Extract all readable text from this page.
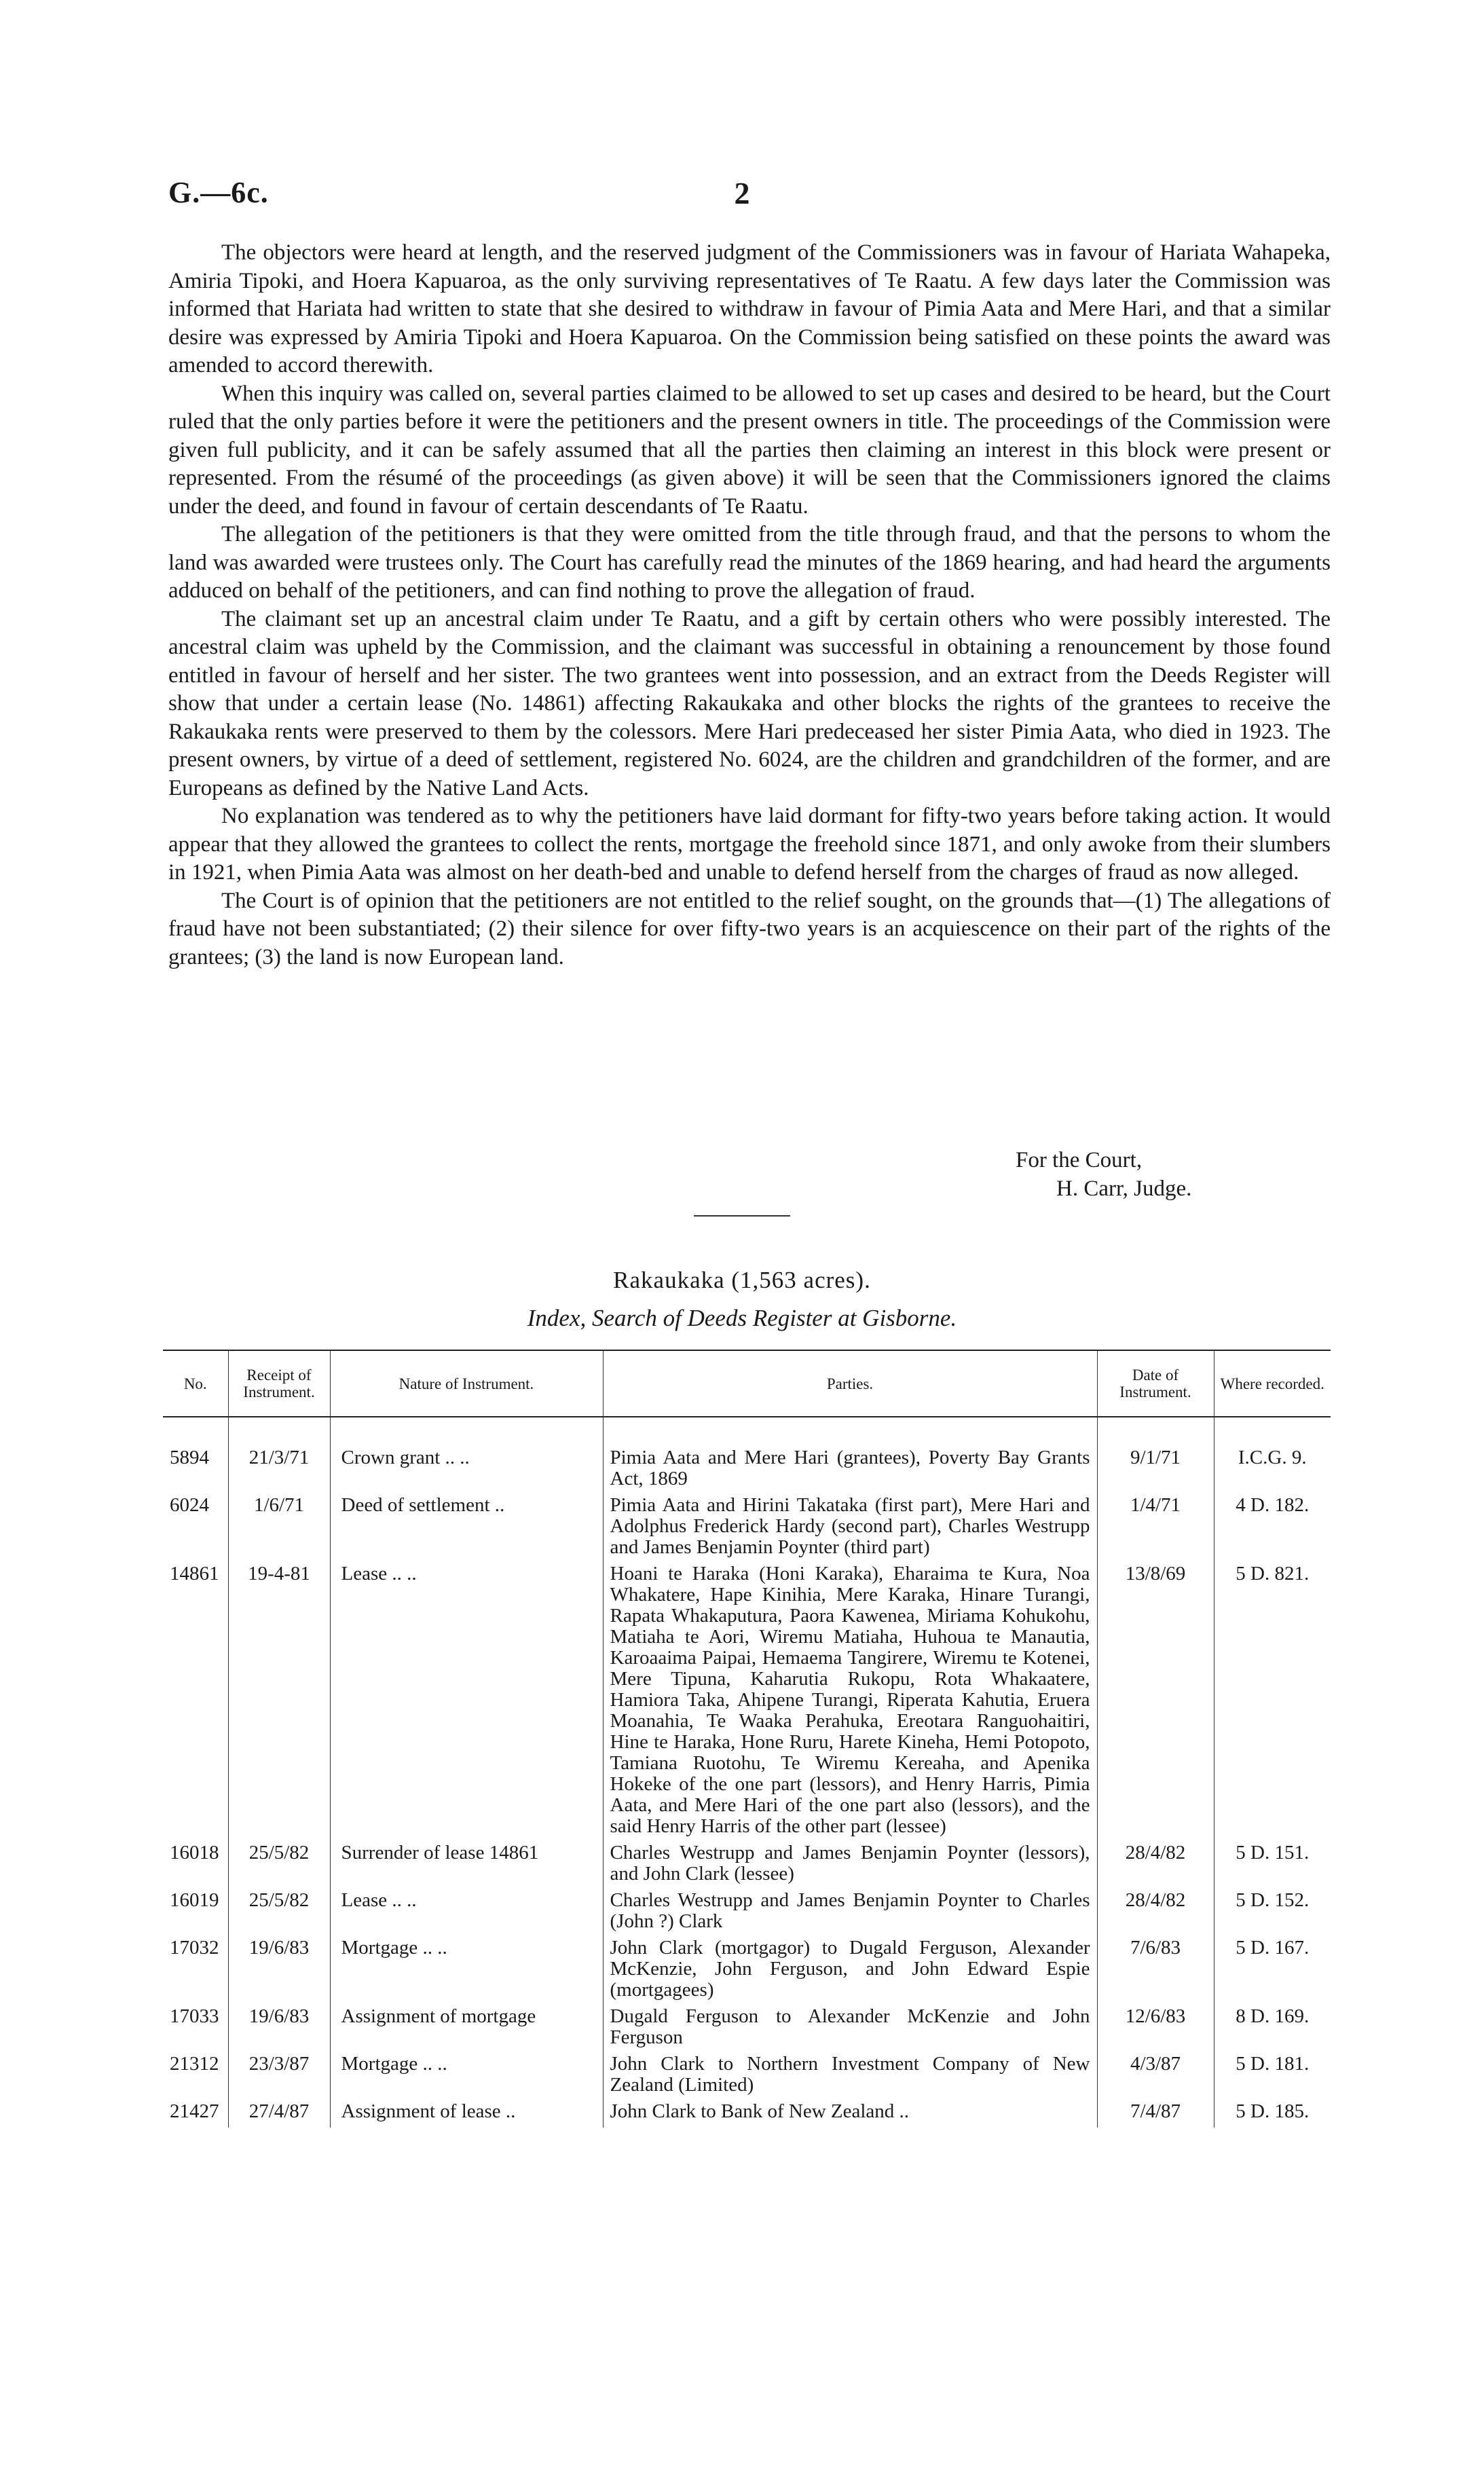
G.—6c.	2

The objectors were heard at length, and the reserved judgment of the Commissioners was in favour of Hariata Wahapeka, Amiria Tipoki, and Hoera Kapuaroa, as the only surviving representatives of Te Raatu. A few days later the Commission was informed that Hariata had written to state that she desired to withdraw in favour of Pimia Aata and Mere Hari, and that a similar desire was expressed by Amiria Tipoki and Hoera Kapuaroa. On the Commission being satisfied on these points the award was amended to accord therewith.

When this inquiry was called on, several parties claimed to be allowed to set up cases and desired to be heard, but the Court ruled that the only parties before it were the petitioners and the present owners in title. The proceedings of the Commission were given full publicity, and it can be safely assumed that all the parties then claiming an interest in this block were present or represented. From the résumé of the proceedings (as given above) it will be seen that the Commissioners ignored the claims under the deed, and found in favour of certain descendants of Te Raatu.

The allegation of the petitioners is that they were omitted from the title through fraud, and that the persons to whom the land was awarded were trustees only. The Court has carefully read the minutes of the 1869 hearing, and had heard the arguments adduced on behalf of the petitioners, and can find nothing to prove the allegation of fraud.

The claimant set up an ancestral claim under Te Raatu, and a gift by certain others who were possibly interested. The ancestral claim was upheld by the Commission, and the claimant was successful in obtaining a renouncement by those found entitled in favour of herself and her sister. The two grantees went into possession, and an extract from the Deeds Register will show that under a certain lease (No. 14861) affecting Rakaukaka and other blocks the rights of the grantees to receive the Rakaukaka rents were preserved to them by the colessors. Mere Hari predeceased her sister Pimia Aata, who died in 1923. The present owners, by virtue of a deed of settlement, registered No. 6024, are the children and grandchildren of the former, and are Europeans as defined by the Native Land Acts.

No explanation was tendered as to why the petitioners have laid dormant for fifty-two years before taking action. It would appear that they allowed the grantees to collect the rents, mortgage the freehold since 1871, and only awoke from their slumbers in 1921, when Pimia Aata was almost on her death-bed and unable to defend herself from the charges of fraud as now alleged.

The Court is of opinion that the petitioners are not entitled to the relief sought, on the grounds that—(1) The allegations of fraud have not been substantiated; (2) their silence for over fifty-two years is an acquiescence on their part of the rights of the grantees; (3) the land is now European land.

For the Court,
H. Carr, Judge.
Rakaukaka (1,563 acres).
Index, Search of Deeds Register at Gisborne.
No.	Receipt of Instrument.	Nature of Instrument.	Parties.	Date of Instrument.	Where recorded.

5894	21/3/71	Crown grant .. ..	Pimia Aata and Mere Hari (grantees), Poverty Bay Grants Act, 1869	9/1/71	I.C.G. 9.
6024	1/6/71	Deed of settlement ..	Pimia Aata and Hirini Takataka (first part), Mere Hari and Adolphus Frederick Hardy (second part), Charles Westrupp and James Benjamin Poynter (third part)	1/4/71	4 D. 182.
14861	19-4-81	Lease .. ..	Hoani te Haraka (Honi Karaka), Eharaima te Kura, Noa Whakatere, Hape Kinihia, Mere Karaka, Hinare Turangi, Rapata Whakaputura, Paora Kawenea, Miriama Kohukohu, Matiaha te Aori, Wiremu Matiaha, Huhoua te Manautia, Karoaaima Paipai, Hemaema Tangirere, Wiremu te Kotenei, Mere Tipuna, Kaharutia Rukopu, Rota Whakaatere, Hamiora Taka, Ahipene Turangi, Riperata Kahutia, Eruera Moanahia, Te Waaka Perahuka, Ereotara Ranguohaitiri, Hine te Haraka, Hone Ruru, Harete Kineha, Hemi Potopoto, Tamiana Ruotohu, Te Wiremu Kereaha, and Apenika Hokeke of the one part (lessors), and Henry Harris, Pimia Aata, and Mere Hari of the one part also (lessors), and the said Henry Harris of the other part (lessee)	13/8/69	5 D. 821.
16018	25/5/82	Surrender of lease 14861	Charles Westrupp and James Benjamin Poynter (lessors), and John Clark (lessee)	28/4/82	5 D. 151.
16019	25/5/82	Lease .. ..	Charles Westrupp and James Benjamin Poynter to Charles (John ?) Clark	28/4/82	5 D. 152.
17032	19/6/83	Mortgage .. ..	John Clark (mortgagor) to Dugald Ferguson, Alexander McKenzie, John Ferguson, and John Edward Espie (mortgagees)	7/6/83	5 D. 167.
17033	19/6/83	Assignment of mortgage	Dugald Ferguson to Alexander McKenzie and John Ferguson	12/6/83	8 D. 169.
21312	23/3/87	Mortgage .. ..	John Clark to Northern Investment Company of New Zealand (Limited)	4/3/87	5 D. 181.
21427	27/4/87	Assignment of lease ..	John Clark to Bank of New Zealand ..	7/4/87	5 D. 185.
